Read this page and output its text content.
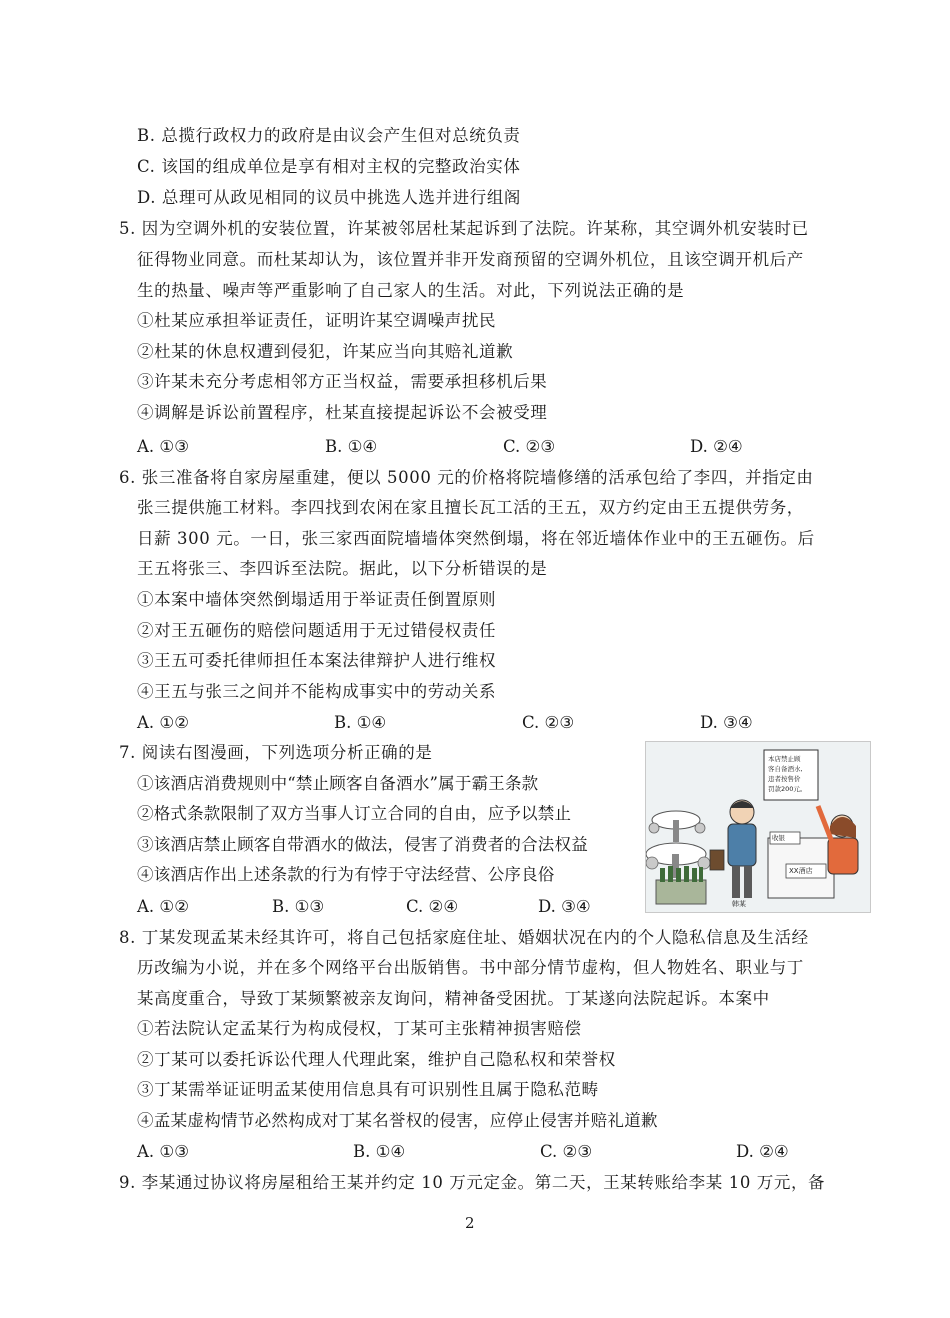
B. 总揽行政权力的政府是由议会产生但对总统负责
C. 该国的组成单位是享有相对主权的完整政治实体
D. 总理可从政见相同的议员中挑选人选并进行组阁
5. 因为空调外机的安装位置，许某被邻居杜某起诉到了法院。许某称，其空调外机安装时已
征得物业同意。而杜某却认为，该位置并非开发商预留的空调外机位，且该空调开机后产
生的热量、噪声等严重影响了自己家人的生活。对此，下列说法正确的是
①杜某应承担举证责任，证明许某空调噪声扰民
②杜某的休息权遭到侵犯，许某应当向其赔礼道歉
③许某未充分考虑相邻方正当权益，需要承担移机后果
④调解是诉讼前置程序，杜某直接提起诉讼不会被受理
A. ①③	B. ①④	C. ②③	D. ②④
6. 张三准备将自家房屋重建，便以 5000 元的价格将院墙修缮的活承包给了李四，并指定由
张三提供施工材料。李四找到农闲在家且擅长瓦工活的王五，双方约定由王五提供劳务，
日薪 300 元。一日，张三家西面院墙墙体突然倒塌，将在邻近墙体作业中的王五砸伤。后
王五将张三、李四诉至法院。据此，以下分析错误的是
①本案中墙体突然倒塌适用于举证责任倒置原则
②对王五砸伤的赔偿问题适用于无过错侵权责任
③王五可委托律师担任本案法律辩护人进行维权
④王五与张三之间并不能构成事实中的劳动关系
A. ①②	B. ①④	C. ②③	D. ③④
7. 阅读右图漫画，下列选项分析正确的是
①该酒店消费规则中“禁止顾客自备酒水”属于霸王条款
②格式条款限制了双方当事人订立合同的自由，应予以禁止
③该酒店禁止顾客自带酒水的做法，侵害了消费者的合法权益
④该酒店作出上述条款的行为有悖于守法经营、公序良俗
A. ①②	B. ①③	C. ②④	D. ③④
本店禁止顾
客自备酒水,
违者按售价
罚款200元。
收银
XX酒店
韩某
8. 丁某发现孟某未经其许可，将自己包括家庭住址、婚姻状况在内的个人隐私信息及生活经
历改编为小说，并在多个网络平台出版销售。书中部分情节虚构，但人物姓名、职业与丁
某高度重合，导致丁某频繁被亲友询问，精神备受困扰。丁某遂向法院起诉。本案中
①若法院认定孟某行为构成侵权，丁某可主张精神损害赔偿
②丁某可以委托诉讼代理人代理此案，维护自己隐私权和荣誉权
③丁某需举证证明孟某使用信息具有可识别性且属于隐私范畴
④孟某虚构情节必然构成对丁某名誉权的侵害，应停止侵害并赔礼道歉
A. ①③	B. ①④	C. ②③	D. ②④
9. 李某通过协议将房屋租给王某并约定 10 万元定金。第二天，王某转账给李某 10 万元，备
2
